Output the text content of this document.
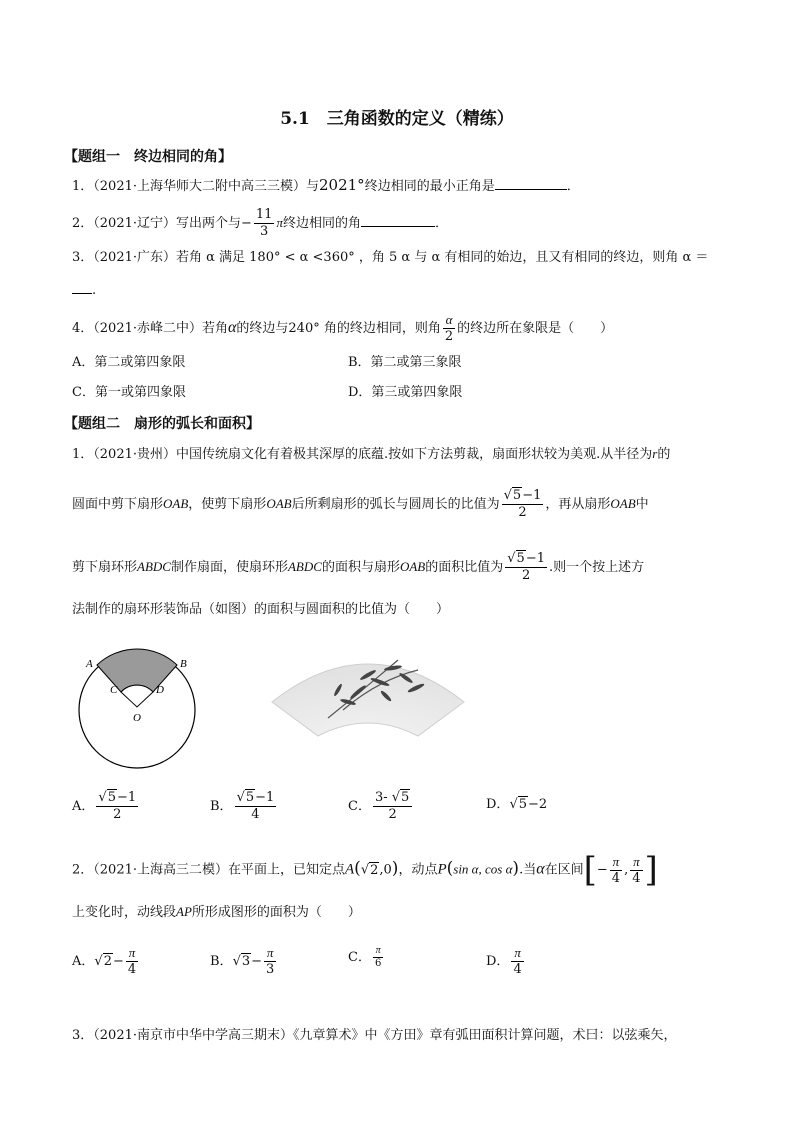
5.1　三角函数的定义（精练）
【题组一　终边相同的角】
1．（2021·上海华师大二附中高三三模）与2021°终边相同的最小正角是	．
2．（2021·辽宁）写出两个与− $\frac{11}{3}$ π终边相同的角	．
3．（2021·广东）若角 α 满足 180° < α <360° ，角 5 α 与 α 有相同的始边，且又有相同的终边，则角 α ＝
.
4．（2021·赤峰二中）若角α的终边与240° 角的终边相同，则角 $\frac{\alpha}{2}$ 的终边所在象限是（　　）
A．第二或第四象限	B．第二或第三象限
C．第一或第四象限	D．第三或第四象限
【题组二　扇形的弧长和面积】
1．（2021·贵州）中国传统扇文化有着极其深厚的底蕴.按如下方法剪裁，扇面形状较为美观.从半径为r的
圆面中剪下扇形OAB，使剪下扇形OAB后所剩扇形的弧长与圆周长的比值为 $\frac{√5-1}{2}$ ，再从扇形OAB中
剪下扇环形ABDC制作扇面，使扇环形ABDC的面积与扇形OAB的面积比值为 $\frac{√5-1}{2}$ .则一个按上述方
法制作的扇环形装饰品（如图）的面积与圆面积的比值为（　　）
A	B
C	D
O
A． $\frac{√5-1}{2}$	B． $\frac{√5-1}{4}$	C． $\frac{3- √5}{2}$	D．√5−2
2．（2021·上海高三二模）在平面上，已知定点A(√2,0)，动点P(sin α, cos α).当α在区间[− $\frac{\pi}{4}$ , $\frac{\pi}{4}$ ]
上变化时，动线段AP所形成图形的面积为（　　）
A．$√2- \frac{\pi}{4}$	B．$√3- \frac{\pi}{3}$	C． $\frac{\pi}{6}$	D． $\frac{\pi}{4}$
3．（2021·南京市中华中学高三期末）《九章算术》中《方田》章有弧田面积计算问题，术曰：以弦乘矢，
